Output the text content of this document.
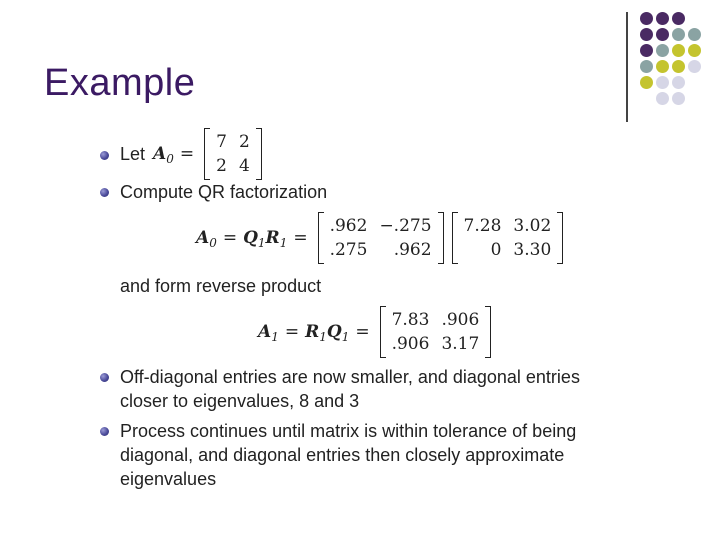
Example
Let A 0 =
7	2
2	4
Compute QR factorization
A 0 = Q 1 R 1 =
.962	−.275
.275	.962
7.28	3.02
0	3.30
and form reverse product
A 1 = R 1 Q 1 =
7.83	.906
.906	3.17
Off-diagonal entries are now smaller, and diagonal entries
closer to eigenvalues, 8 and 3
Process continues until matrix is within tolerance of being
diagonal, and diagonal entries then closely approximate
eigenvalues
